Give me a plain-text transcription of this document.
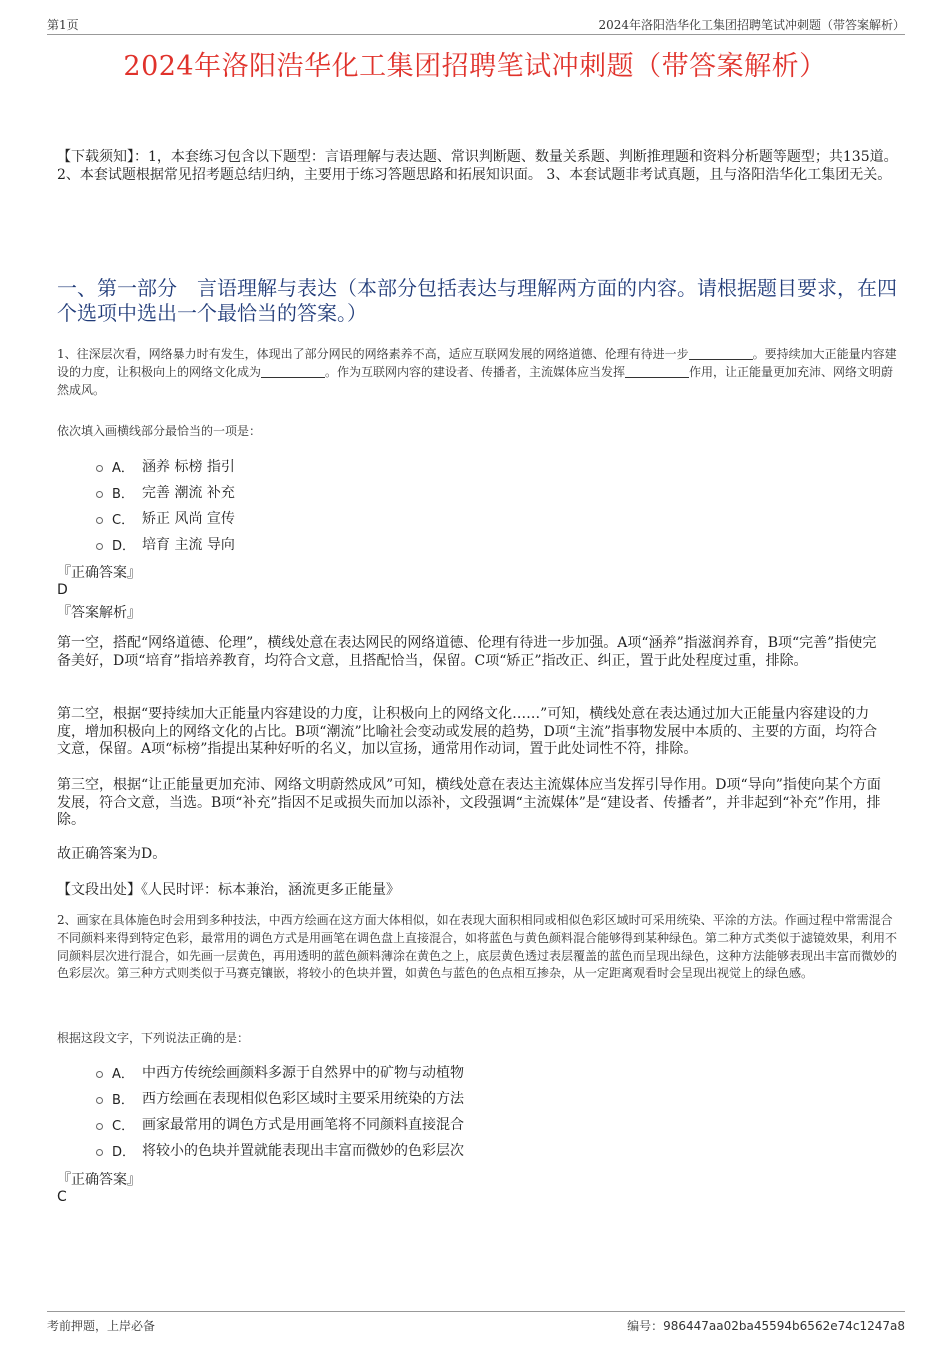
第1页	2024年洛阳浩华化工集团招聘笔试冲刺题（带答案解析）
2024年洛阳浩华化工集团招聘笔试冲刺题（带答案解析）
【下载须知】：1，本套练习包含以下题型：言语理解与表达题、常识判断题、数量关系题、判断推理题和资料分析题等题型；共135道。 2、本套试题根据常见招考题总结归纳，主要用于练习答题思路和拓展知识面。 3、本套试题非考试真题，且与洛阳浩华化工集团无关。
一、第一部分　言语理解与表达（本部分包括表达与理解两方面的内容。请根据题目要求，在四个选项中选出一个最恰当的答案。）
1、往深层次看，网络暴力时有发生，体现出了部分网民的网络素养不高，适应互联网发展的网络道德、伦理有待进一步	。要持续加大正能量内容建设的力度，让积极向上的网络文化成为	。作为互联网内容的建设者、传播者，主流媒体应当发挥	作用，让正能量更加充沛、网络文明蔚然成风。
依次填入画横线部分最恰当的一项是：
A． 涵养 标榜 指引
B． 完善 潮流 补充
C． 矫正 风尚 宣传
D． 培育 主流 导向
『正确答案』
D
『答案解析』
第一空，搭配“网络道德、伦理”，横线处意在表达网民的网络道德、伦理有待进一步加强。A项“涵养”指滋润养育，B项“完善”指使完备美好，D项“培育”指培养教育，均符合文意，且搭配恰当，保留。C项“矫正”指改正、纠正，置于此处程度过重，排除。
第二空，根据“要持续加大正能量内容建设的力度，让积极向上的网络文化……”可知，横线处意在表达通过加大正能量内容建设的力度，增加积极向上的网络文化的占比。B项“潮流”比喻社会变动或发展的趋势，D项“主流”指事物发展中本质的、主要的方面，均符合文意，保留。A项“标榜”指提出某种好听的名义，加以宣扬，通常用作动词，置于此处词性不符，排除。
第三空，根据“让正能量更加充沛、网络文明蔚然成风”可知，横线处意在表达主流媒体应当发挥引导作用。D项“导向”指使向某个方面发展，符合文意，当选。B项“补充”指因不足或损失而加以添补，文段强调“主流媒体”是“建设者、传播者”，并非起到“补充”作用，排除。
故正确答案为D。
【文段出处】《人民时评：标本兼治，涵流更多正能量》
2、画家在具体施色时会用到多种技法，中西方绘画在这方面大体相似，如在表现大面积相同或相似色彩区域时可采用统染、平涂的方法。作画过程中常需混合不同颜料来得到特定色彩，最常用的调色方式是用画笔在调色盘上直接混合，如将蓝色与黄色颜料混合能够得到某种绿色。第二种方式类似于滤镜效果，利用不同颜料层次进行混合，如先画一层黄色，再用透明的蓝色颜料薄涂在黄色之上，底层黄色透过表层覆盖的蓝色而呈现出绿色，这种方法能够表现出丰富而微妙的色彩层次。第三种方式则类似于马赛克镶嵌，将较小的色块并置，如黄色与蓝色的色点相互掺杂，从一定距离观看时会呈现出视觉上的绿色感。
根据这段文字，下列说法正确的是：
A． 中西方传统绘画颜料多源于自然界中的矿物与动植物
B． 西方绘画在表现相似色彩区域时主要采用统染的方法
C． 画家最常用的调色方式是用画笔将不同颜料直接混合
D． 将较小的色块并置就能表现出丰富而微妙的色彩层次
『正确答案』
C
考前押题，上岸必备	编号：986447aa02ba45594b6562e74c1247a8
